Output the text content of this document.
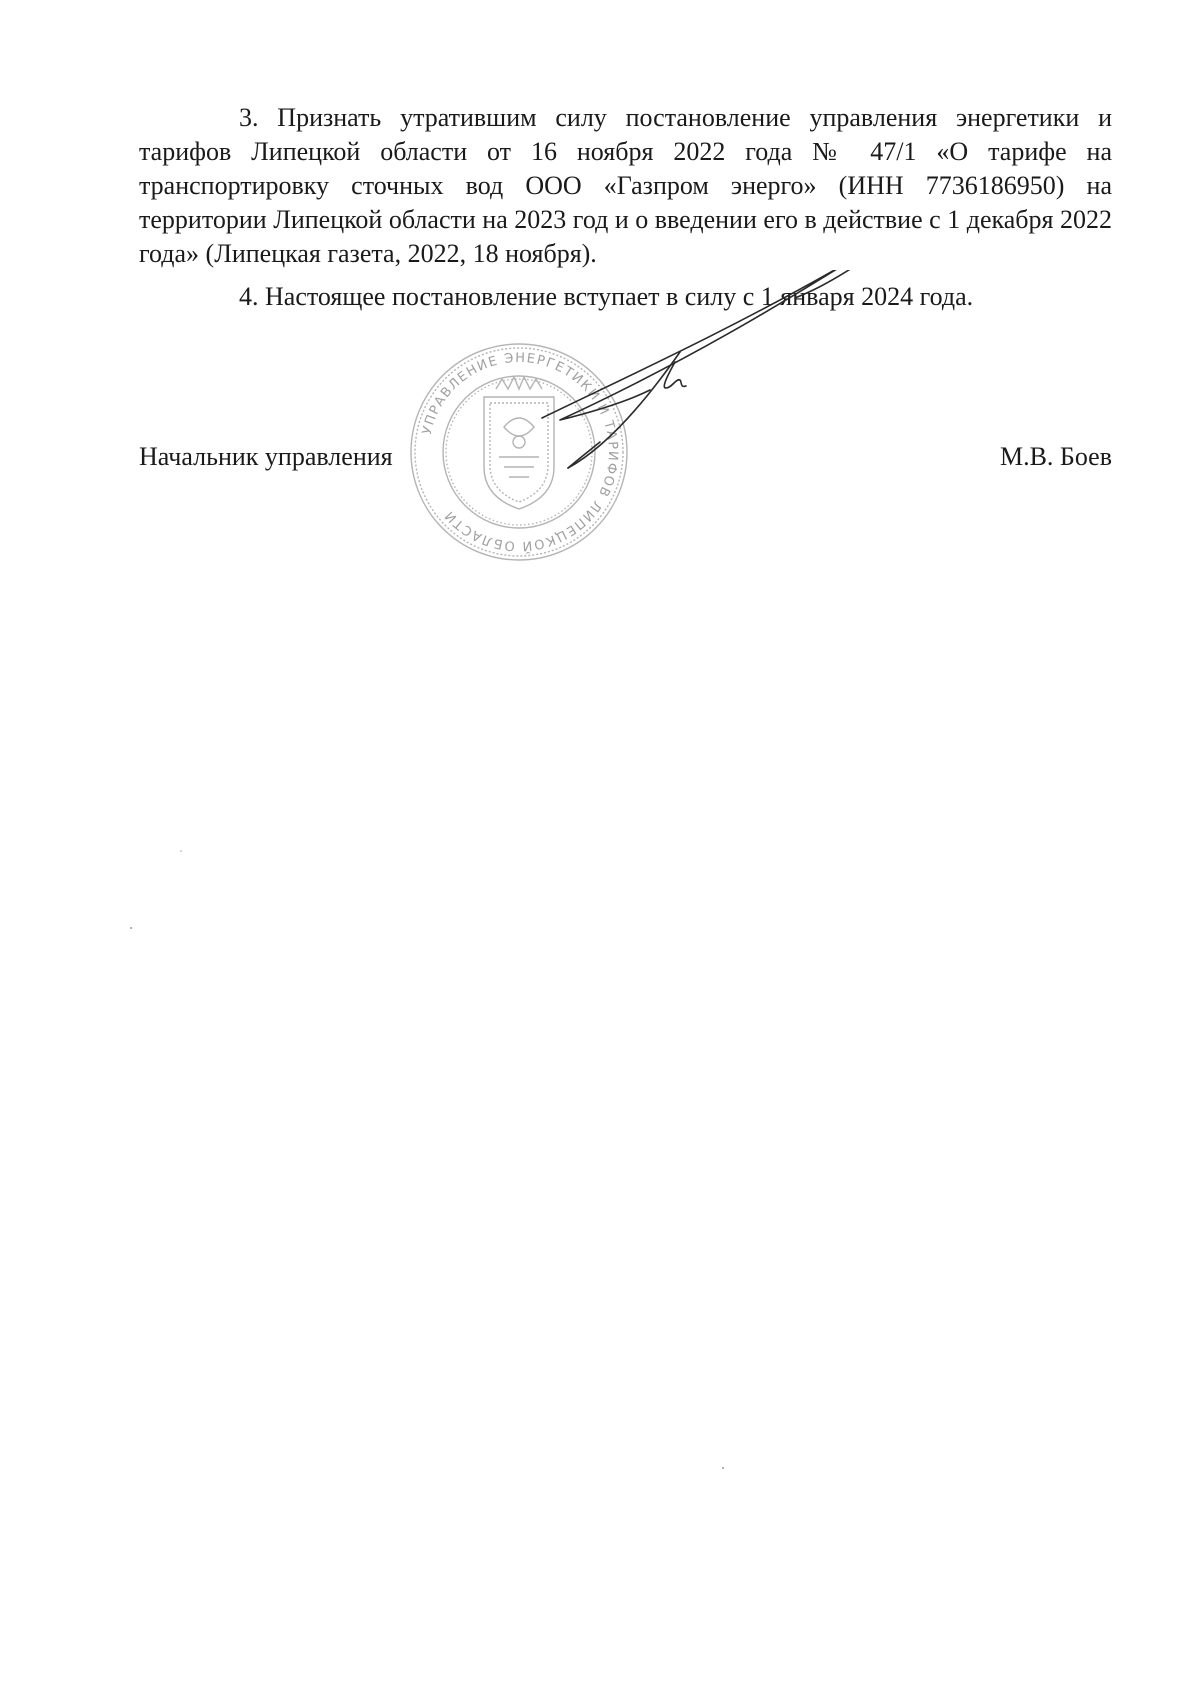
3. Признать утратившим силу постановление управления энергетики и тарифов Липецкой области от 16 ноября 2022 года № 47/1 «О тарифе на транспортировку сточных вод ООО «Газпром энерго» (ИНН 7736186950) на территории Липецкой области на 2023 год и о введении его в действие с 1 декабря 2022 года» (Липецкая газета, 2022, 18 ноября).
4. Настоящее постановление вступает в силу с 1 января 2024 года.
Начальник управления	М.В. Боев
УПРАВЛЕНИЕ ЭНЕРГЕТИКИ И ТАРИФОВ ЛИПЕЦКОЙ ОБЛАСТИ
